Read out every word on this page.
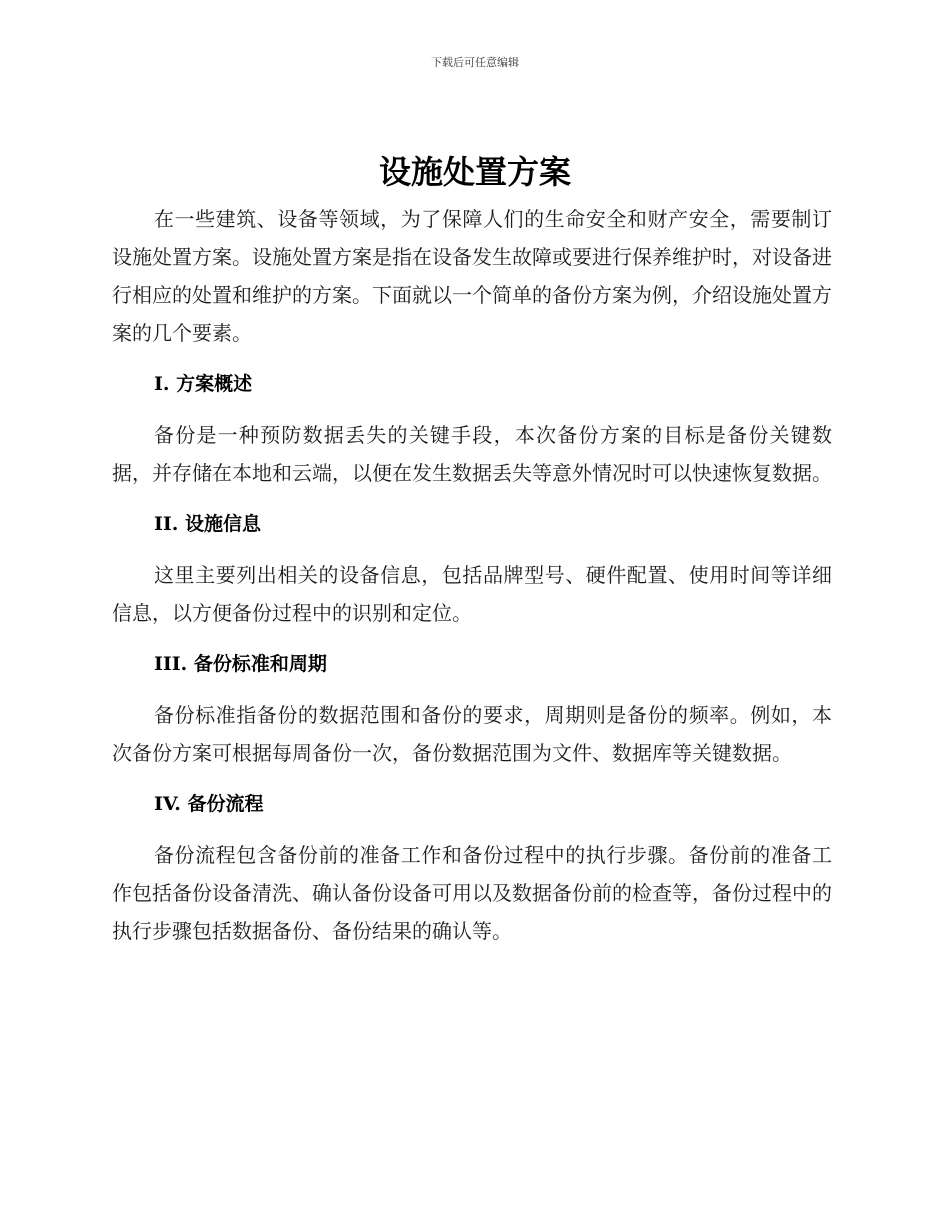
下载后可任意编辑
设施处置方案

在一些建筑、设备等领域，为了保障人们的生命安全和财产安全，需要制订设施处置方案。设施处置方案是指在设备发生故障或要进行保养维护时，对设备进行相应的处置和维护的方案。下面就以一个简单的备份方案为例，介绍设施处置方案的几个要素。

I. 方案概述

备份是一种预防数据丢失的关键手段，本次备份方案的目标是备份关键数据，并存储在本地和云端，以便在发生数据丢失等意外情况时可以快速恢复数据。

II. 设施信息

这里主要列出相关的设备信息，包括品牌型号、硬件配置、使用时间等详细信息，以方便备份过程中的识别和定位。

III. 备份标准和周期

备份标准指备份的数据范围和备份的要求，周期则是备份的频率。例如，本次备份方案可根据每周备份一次，备份数据范围为文件、数据库等关键数据。

IV. 备份流程

备份流程包含备份前的准备工作和备份过程中的执行步骤。备份前的准备工作包括备份设备清洗、确认备份设备可用以及数据备份前的检查等，备份过程中的执行步骤包括数据备份、备份结果的确认等。
